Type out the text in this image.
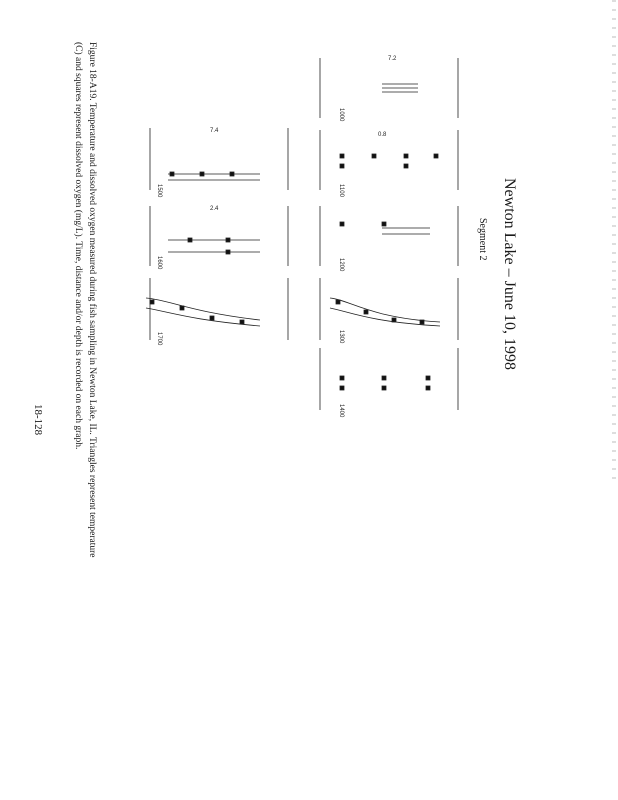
Newton Lake – June 10, 1998
Segment 2
Figure 18-A19. Temperature and dissolved oxygen measured during fish sampling in Newton Lake, IL. Triangles represent temperature
(C) and squares represent dissolved oxygen (mg/L). Time, distance and/or depth is recorded on each graph.
18-128
7.2
1000
0.8
1100
1200
1300
1400
7.4
1500
2.4
1600
1700
